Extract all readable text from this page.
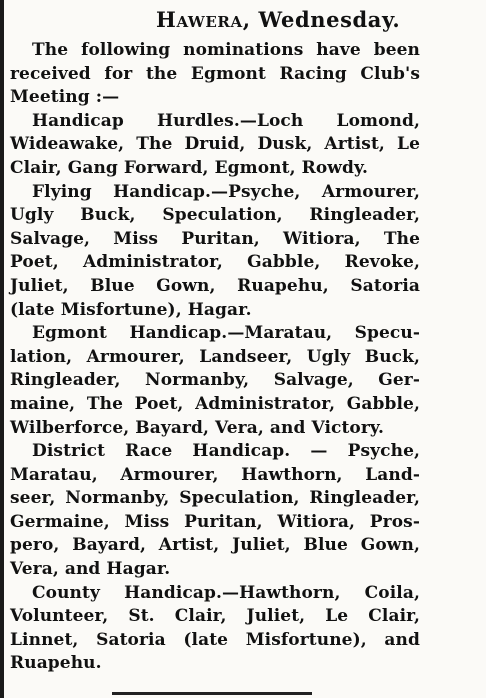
Hawera, Wednesday.
The following nominations have been
received for the Egmont Racing Club's
Meeting :—
Handicap Hurdles.—Loch Lomond,
Wideawake, The Druid, Dusk, Artist, Le
Clair, Gang Forward, Egmont, Rowdy.
Flying Handicap.—Psyche, Armourer,
Ugly Buck, Speculation, Ringleader,
Salvage, Miss Puritan, Witiora, The
Poet, Administrator, Gabble, Revoke,
Juliet, Blue Gown, Ruapehu, Satoria
(late Misfortune), Hagar.
Egmont Handicap.—Maratau, Specu-
lation, Armourer, Landseer, Ugly Buck,
Ringleader, Normanby, Salvage, Ger-
maine, The Poet, Administrator, Gabble,
Wilberforce, Bayard, Vera, and Victory.
District Race Handicap. — Psyche,
Maratau, Armourer, Hawthorn, Land-
seer, Normanby, Speculation, Ringleader,
Germaine, Miss Puritan, Witiora, Pros-
pero, Bayard, Artist, Juliet, Blue Gown,
Vera, and Hagar.
County Handicap.—Hawthorn, Coila,
Volunteer, St. Clair, Juliet, Le Clair,
Linnet, Satoria (late Misfortune), and
Ruapehu.
